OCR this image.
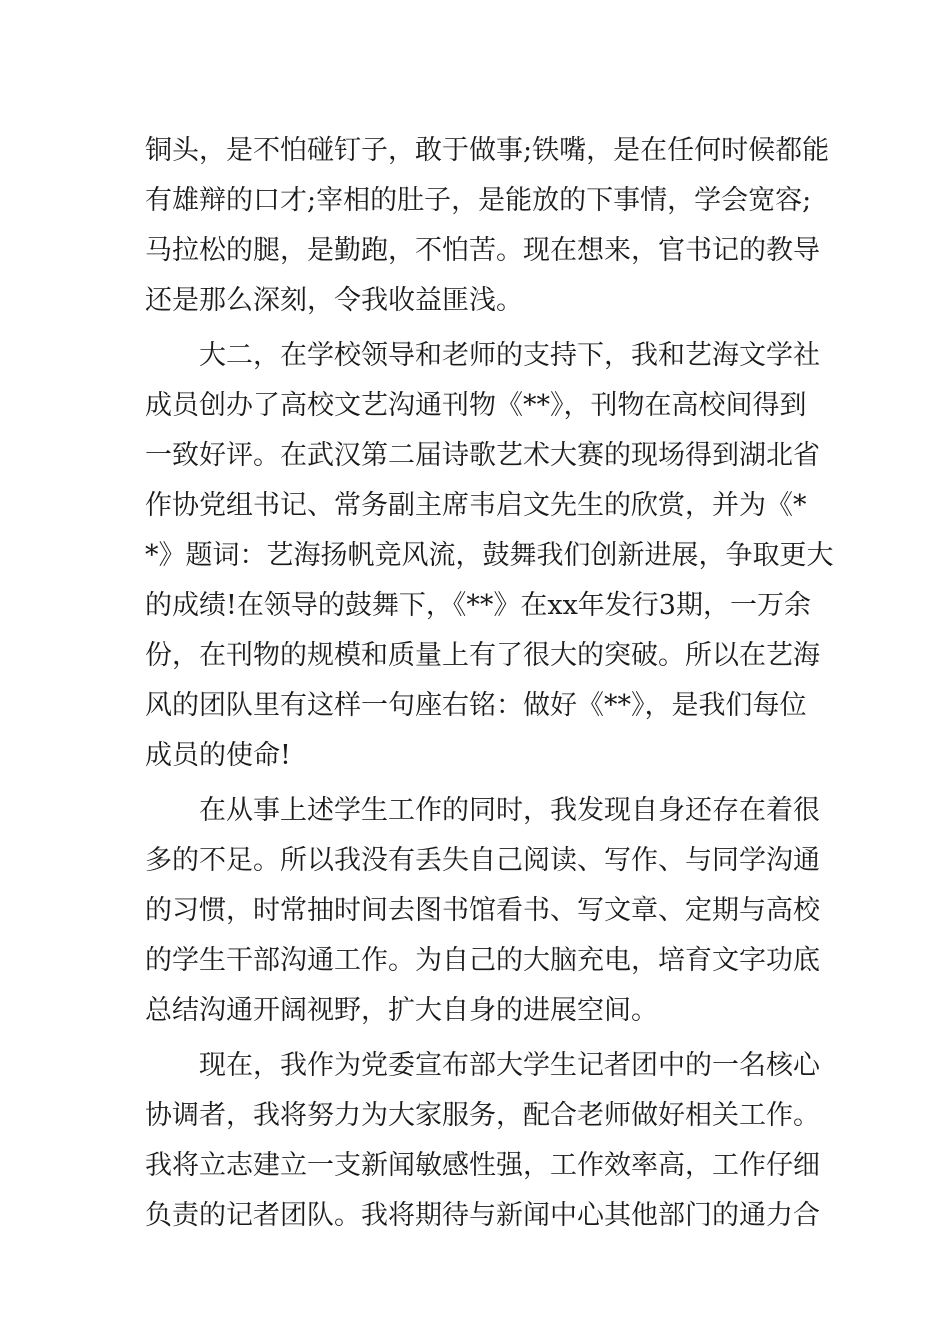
铜头，是不怕碰钉子，敢于做事;铁嘴，是在任何时候都能
有雄辩的口才;宰相的肚子，是能放的下事情，学会宽容;
马拉松的腿，是勤跑，不怕苦。现在想来，官书记的教导
还是那么深刻，令我收益匪浅。
　　大二，在学校领导和老师的支持下，我和艺海文学社
成员创办了高校文艺沟通刊物《**》，刊物在高校间得到
一致好评。在武汉第二届诗歌艺术大赛的现场得到湖北省
作协党组书记、常务副主席韦启文先生的欣赏，并为《*
*》题词：艺海扬帆竞风流，鼓舞我们创新进展，争取更大
的成绩!在领导的鼓舞下，《**》在xx年发行3期，一万余
份，在刊物的规模和质量上有了很大的突破。所以在艺海
风的团队里有这样一句座右铭：做好《**》，是我们每位
成员的使命!
　　在从事上述学生工作的同时，我发现自身还存在着很
多的不足。所以我没有丢失自己阅读、写作、与同学沟通
的习惯，时常抽时间去图书馆看书、写文章、定期与高校
的学生干部沟通工作。为自己的大脑充电，培育文字功底
总结沟通开阔视野，扩大自身的进展空间。
　　现在，我作为党委宣布部大学生记者团中的一名核心
协调者，我将努力为大家服务，配合老师做好相关工作。
我将立志建立一支新闻敏感性强，工作效率高，工作仔细
负责的记者团队。我将期待与新闻中心其他部门的通力合
